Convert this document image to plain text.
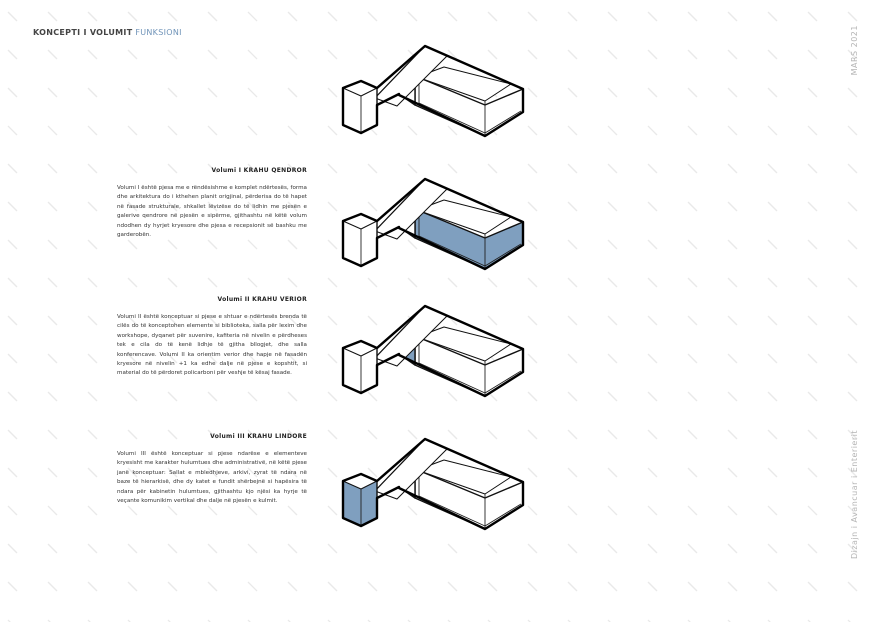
KONCEPTI I VOLUMIT FUNKSIONI	MARS 2021
Dizajn i Avancuar i Enterierit
Volumi I KRAHU QENDROR

Volumi I është pjesa me e rëndësishme e komplet ndërtesës, forma dhe arkitektura do i kthehen planit origjinal, përderisa do të hapet në fasade strukturale, shkallet lëvizëse do të lidhin me pjesën e galerive qendrore në pjesën e sipërme, gjithashtu në këtë volum ndodhen dy hyrjet kryesore dhe pjesa e recepsionit së bashku me garderobën.

Volumi II KRAHU VERIOR

Volumi II është konceptuar si pjese e shtuar e ndërtesës brenda të cilës do të konceptohen elemente si biblioteka, salla për lexim dhe workshope, dyqanet për suvenire, kafiteria në nivelin e përdheses tek e cila do të kenë lidhje të gjitha bllogjet, dhe salla konferencave. Volumi II ka orientim verior dhe hapje në fasadën kryesore në nivelin +1 ka edhe dalje në pjese e kopshtit, si material do të përdoret policarboni për veshje të kësaj fasade.

Volumi III KRAHU LINDORE

Volumi III është konceptuar si pjese ndarëse e elementeve kryesisht me karakter hulumtues dhe administrativë, në këtë pjese janë konceptuar: Sallat e mbledhjeve, arkivi, zyrat të ndara në baze të hierarkisë, dhe dy katet e fundit shërbejnë si hapësira të ndara për kabinetin hulumtues, gjithashtu kjo njësi ka hyrje të veçante komunikim vertikal dhe dalje në pjesën e kulmit.
